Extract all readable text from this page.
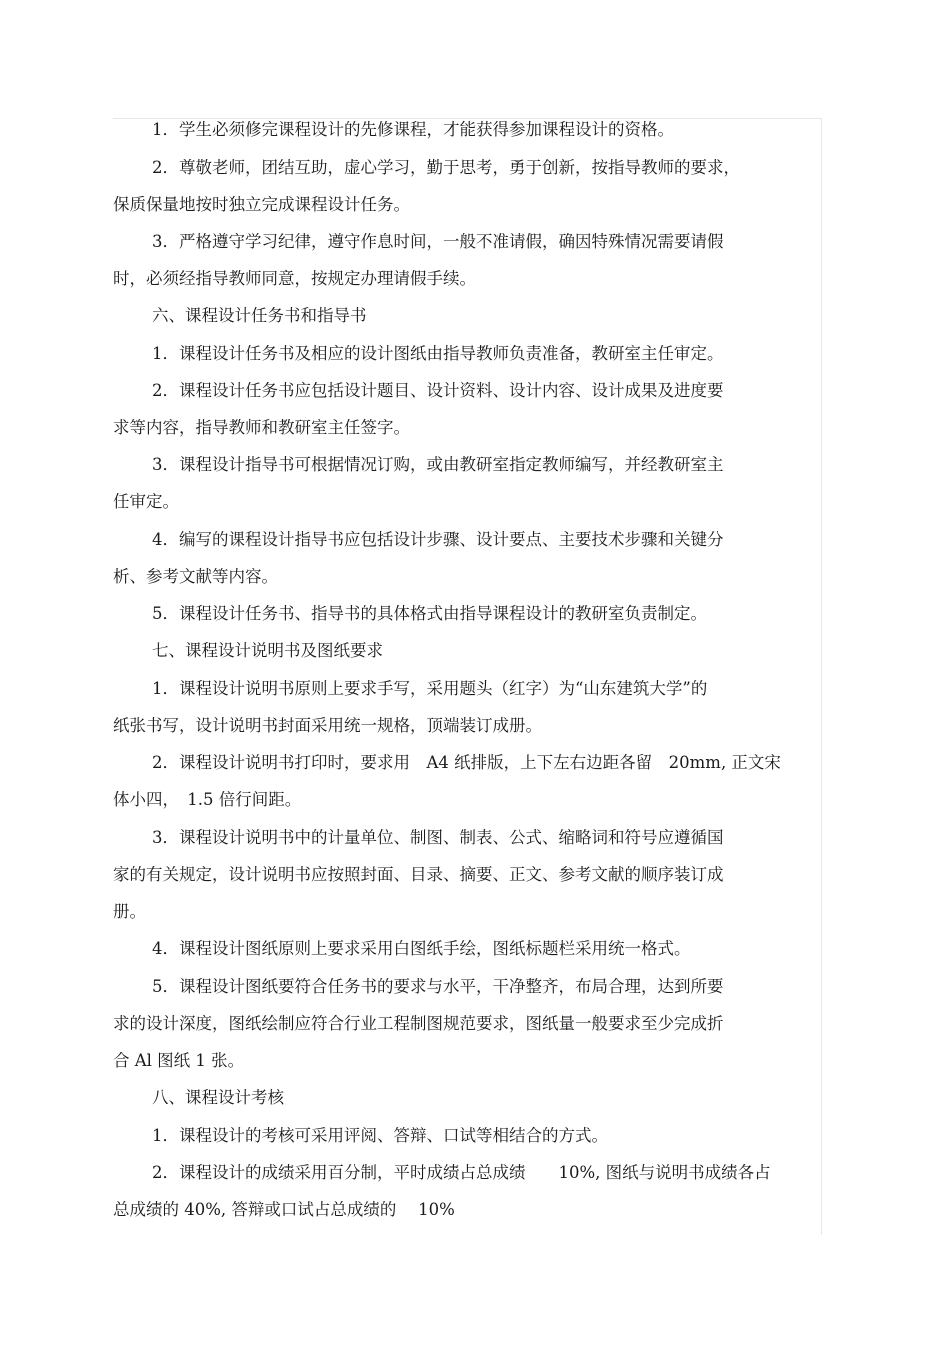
1．学生必须修完课程设计的先修课程，才能获得参加课程设计的资格。
2．尊敬老师，团结互助，虚心学习，勤于思考，勇于创新，按指导教师的要求，
保质保量地按时独立完成课程设计任务。
3．严格遵守学习纪律，遵守作息时间，一般不准请假，确因特殊情况需要请假
时，必须经指导教师同意，按规定办理请假手续。
六、课程设计任务书和指导书
1．课程设计任务书及相应的设计图纸由指导教师负责准备，教研室主任审定。
2．课程设计任务书应包括设计题目、设计资料、设计内容、设计成果及进度要
求等内容，指导教师和教研室主任签字。
3．课程设计指导书可根据情况订购，或由教研室指定教师编写，并经教研室主
任审定。
4．编写的课程设计指导书应包括设计步骤、设计要点、主要技术步骤和关键分
析、参考文献等内容。
5．课程设计任务书、指导书的具体格式由指导课程设计的教研室负责制定。
七、课程设计说明书及图纸要求
1．课程设计说明书原则上要求手写，采用题头（红字）为“山东建筑大学”的
纸张书写，设计说明书封面采用统一规格，顶端装订成册。
2．课程设计说明书打印时，要求用　A4 纸排版，上下左右边距各留　20mm, 正文宋
体小四，　1.5 倍行间距。
3．课程设计说明书中的计量单位、制图、制表、公式、缩略词和符号应遵循国
家的有关规定，设计说明书应按照封面、目录、摘要、正文、参考文献的顺序装订成
册。
4．课程设计图纸原则上要求采用白图纸手绘，图纸标题栏采用统一格式。
5．课程设计图纸要符合任务书的要求与水平，干净整齐，布局合理，达到所要
求的设计深度，图纸绘制应符合行业工程制图规范要求，图纸量一般要求至少完成折
合 Al 图纸 1 张。
八、课程设计考核
1．课程设计的考核可采用评阅、答辩、口试等相结合的方式。
2．课程设计的成绩采用百分制，平时成绩占总成绩　　10%, 图纸与说明书成绩各占
总成绩的 40%, 答辩或口试占总成绩的　 10%
